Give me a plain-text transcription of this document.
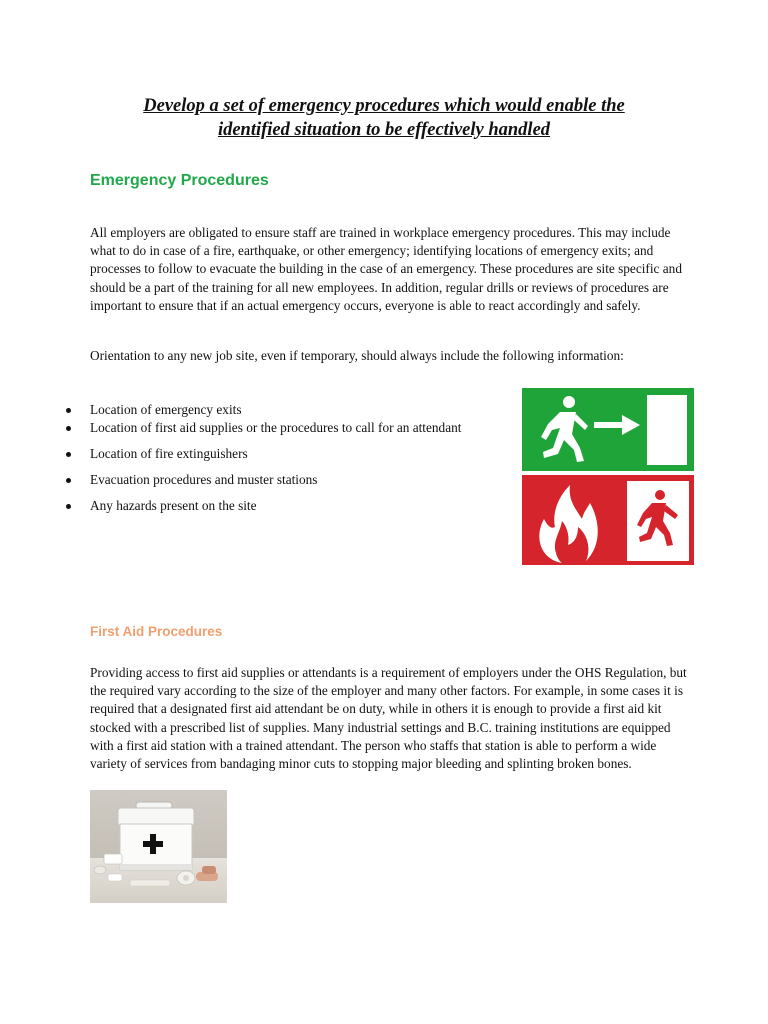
Develop a set of emergency procedures which would enable the
identified situation to be effectively handled
Emergency Procedures

All employers are obligated to ensure staff are trained in workplace emergency procedures. This may include what to do in case of a fire, earthquake, or other emergency; identifying locations of emergency exits; and processes to follow to evacuate the building in the case of an emergency. These procedures are site specific and should be a part of the training for all new employees. In addition, regular drills or reviews of procedures are important to ensure that if an actual emergency occurs, everyone is able to react accordingly and safely.

Orientation to any new job site, even if temporary, should always include the following information:

Location of emergency exits
Location of first aid supplies or the procedures to call for an attendant
Location of fire extinguishers
Evacuation procedures and muster stations
Any hazards present on the site
First Aid Procedures

Providing access to first aid supplies or attendants is a requirement of employers under the OHS Regulation, but the required vary according to the size of the employer and many other factors. For example, in some cases it is required that a designated first aid attendant be on duty, while in others it is enough to provide a first aid kit stocked with a prescribed list of supplies. Many industrial settings and B.C. training institutions are equipped with a first aid station with a trained attendant. The person who staffs that station is able to perform a wide variety of services from bandaging minor cuts to stopping major bleeding and splinting broken bones.
